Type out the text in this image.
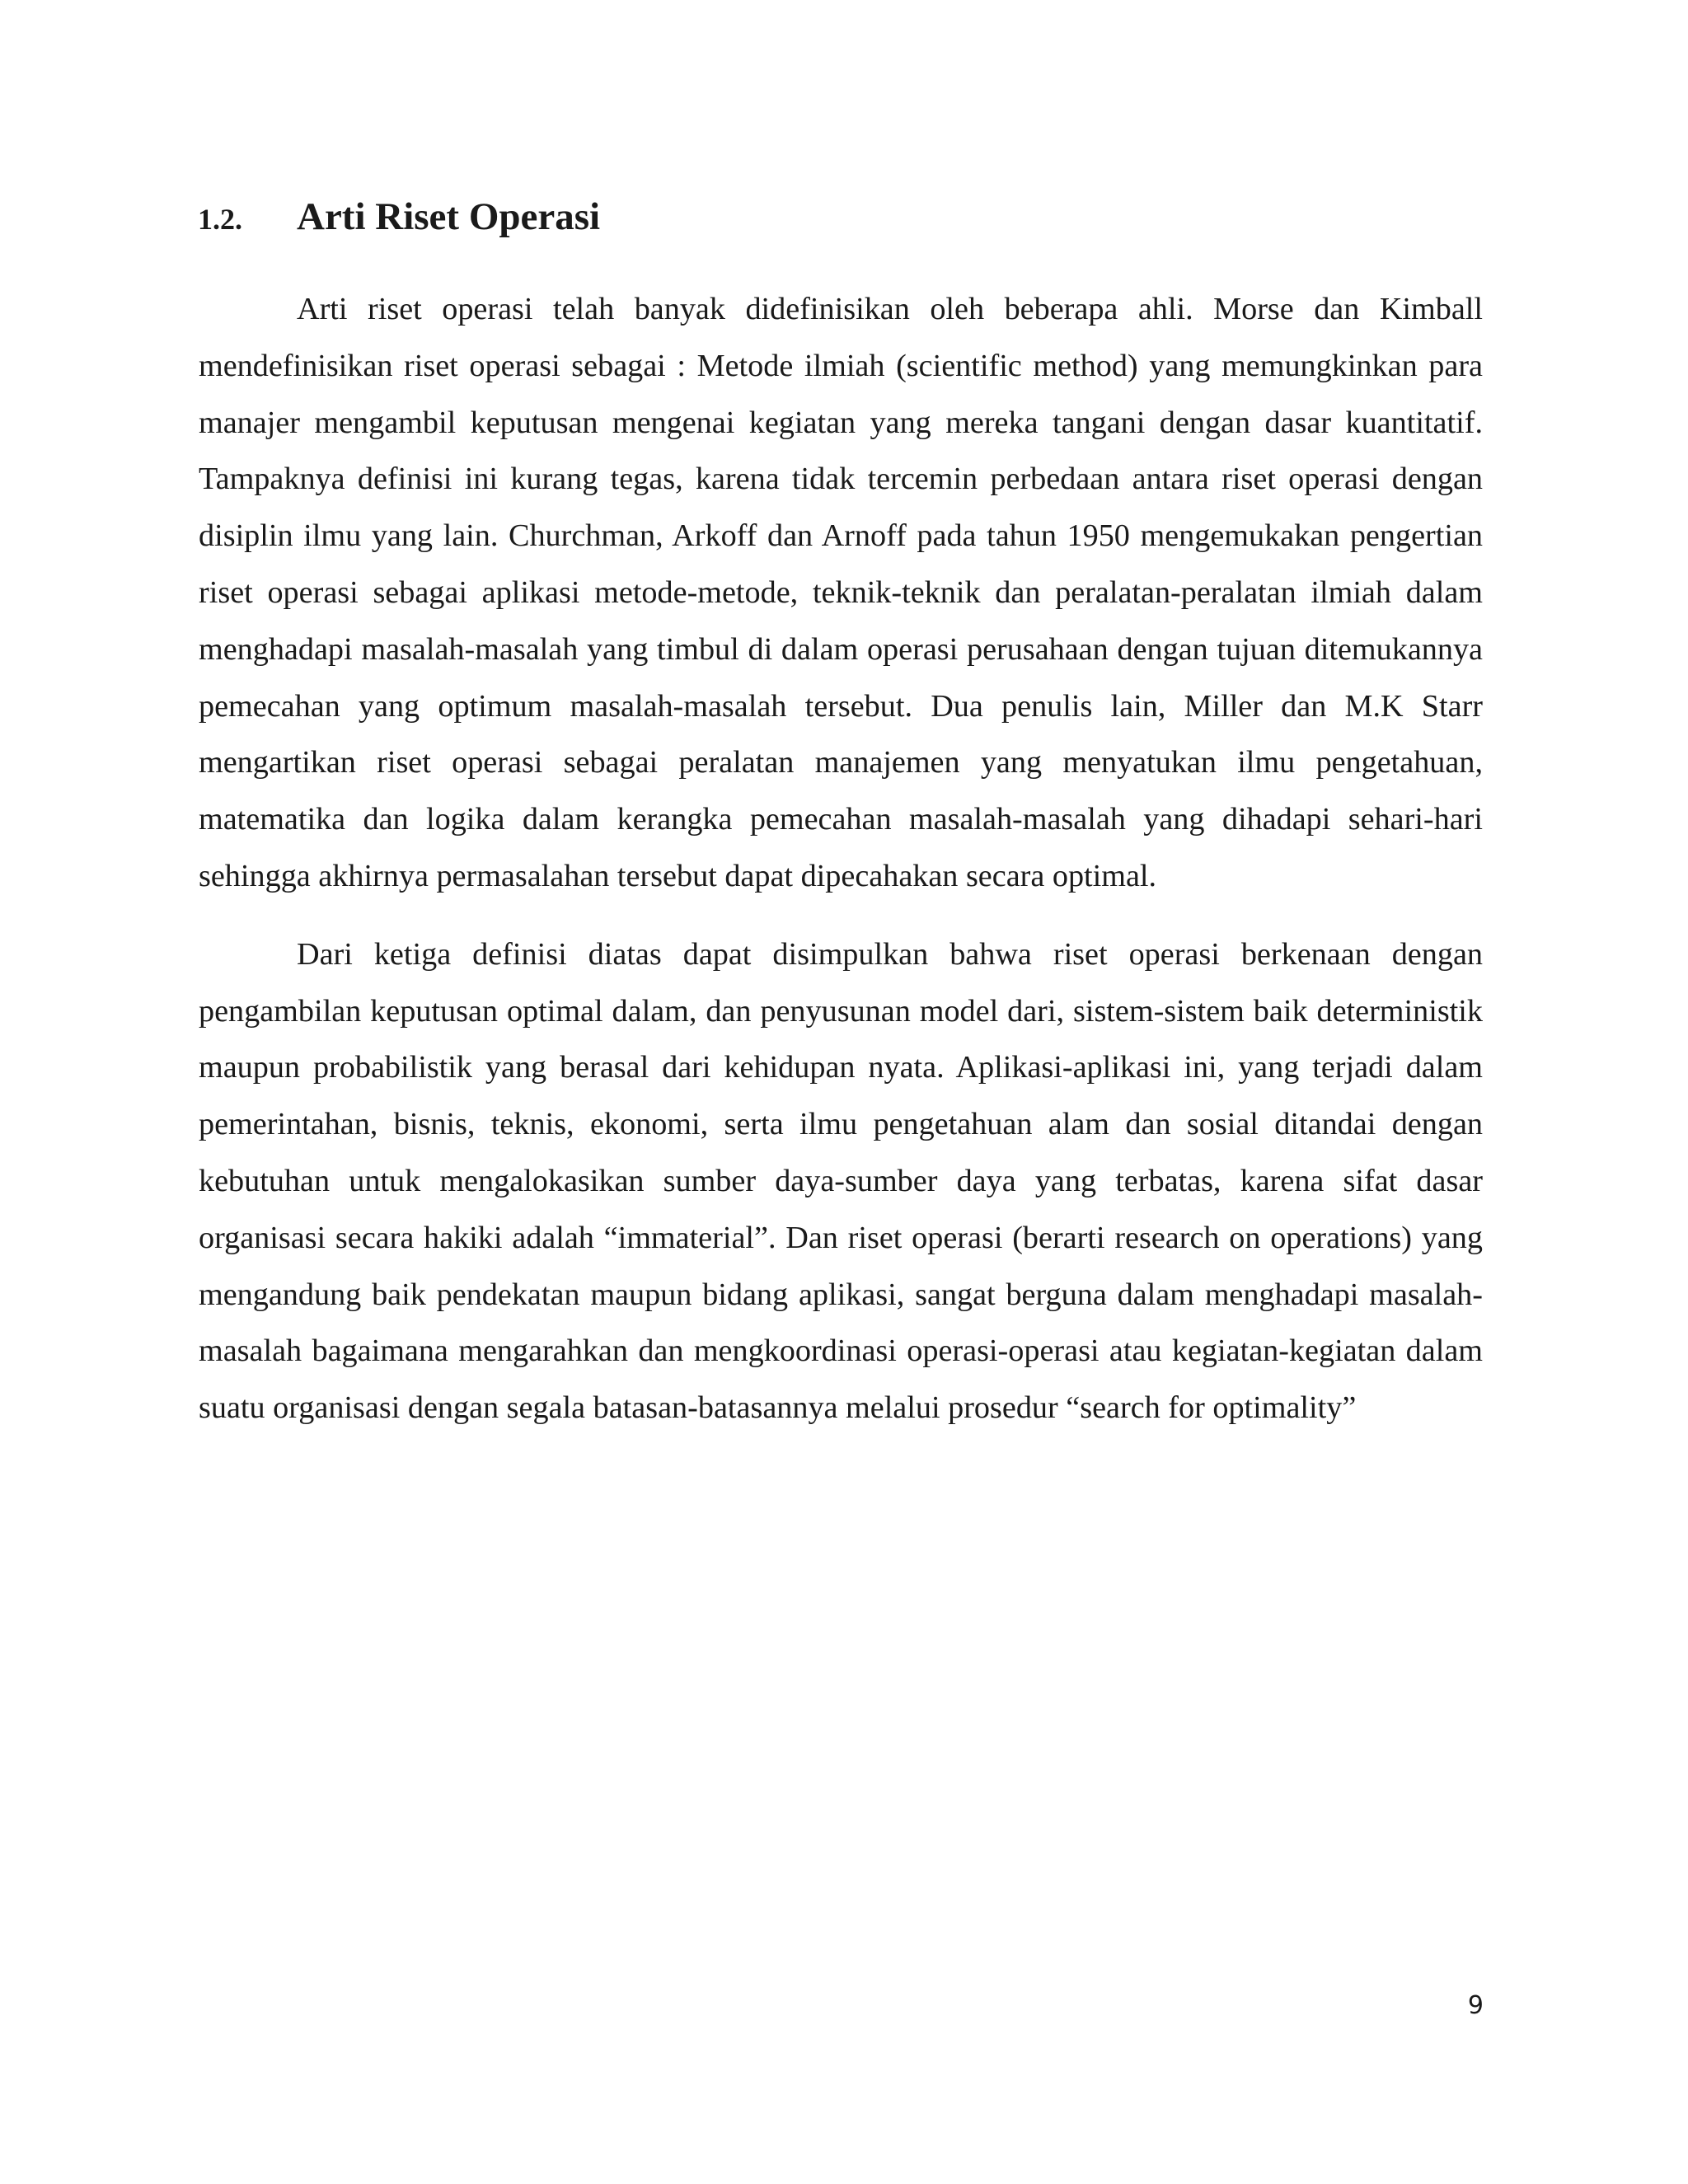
1.2.	Arti Riset Operasi

Arti riset operasi telah banyak didefinisikan oleh beberapa ahli. Morse dan Kimball mendefinisikan riset operasi sebagai : Metode ilmiah (scientific method) yang memungkinkan para manajer mengambil keputusan mengenai kegiatan yang mereka tangani dengan dasar kuantitatif. Tampaknya definisi ini kurang tegas, karena tidak tercemin perbedaan antara riset operasi dengan disiplin ilmu yang lain. Churchman, Arkoff dan Arnoff pada tahun 1950 mengemukakan pengertian riset operasi sebagai aplikasi metode-metode, teknik-teknik dan peralatan-peralatan ilmiah dalam menghadapi masalah-masalah yang timbul di dalam operasi perusahaan dengan tujuan ditemukannya pemecahan yang optimum masalah-masalah tersebut. Dua penulis lain, Miller dan M.K Starr mengartikan riset operasi sebagai peralatan manajemen yang menyatukan ilmu pengetahuan, matematika dan logika dalam kerangka pemecahan masalah-masalah yang dihadapi sehari-hari sehingga akhirnya permasalahan tersebut dapat dipecahakan secara optimal.

Dari ketiga definisi diatas dapat disimpulkan bahwa riset operasi berkenaan dengan pengambilan keputusan optimal dalam, dan penyusunan model dari, sistem-sistem baik deterministik maupun probabilistik yang berasal dari kehidupan nyata. Aplikasi-aplikasi ini, yang terjadi dalam pemerintahan, bisnis, teknis, ekonomi, serta ilmu pengetahuan alam dan sosial ditandai dengan kebutuhan untuk mengalokasikan sumber daya-sumber daya yang terbatas, karena sifat dasar organisasi secara hakiki adalah “immaterial”. Dan riset operasi (berarti research on operations) yang mengandung baik pendekatan maupun bidang aplikasi, sangat berguna dalam menghadapi masalah-masalah bagaimana mengarahkan dan mengkoordinasi operasi-operasi atau kegiatan-kegiatan dalam suatu organisasi dengan segala batasan-batasannya melalui prosedur “search for optimality”

9
